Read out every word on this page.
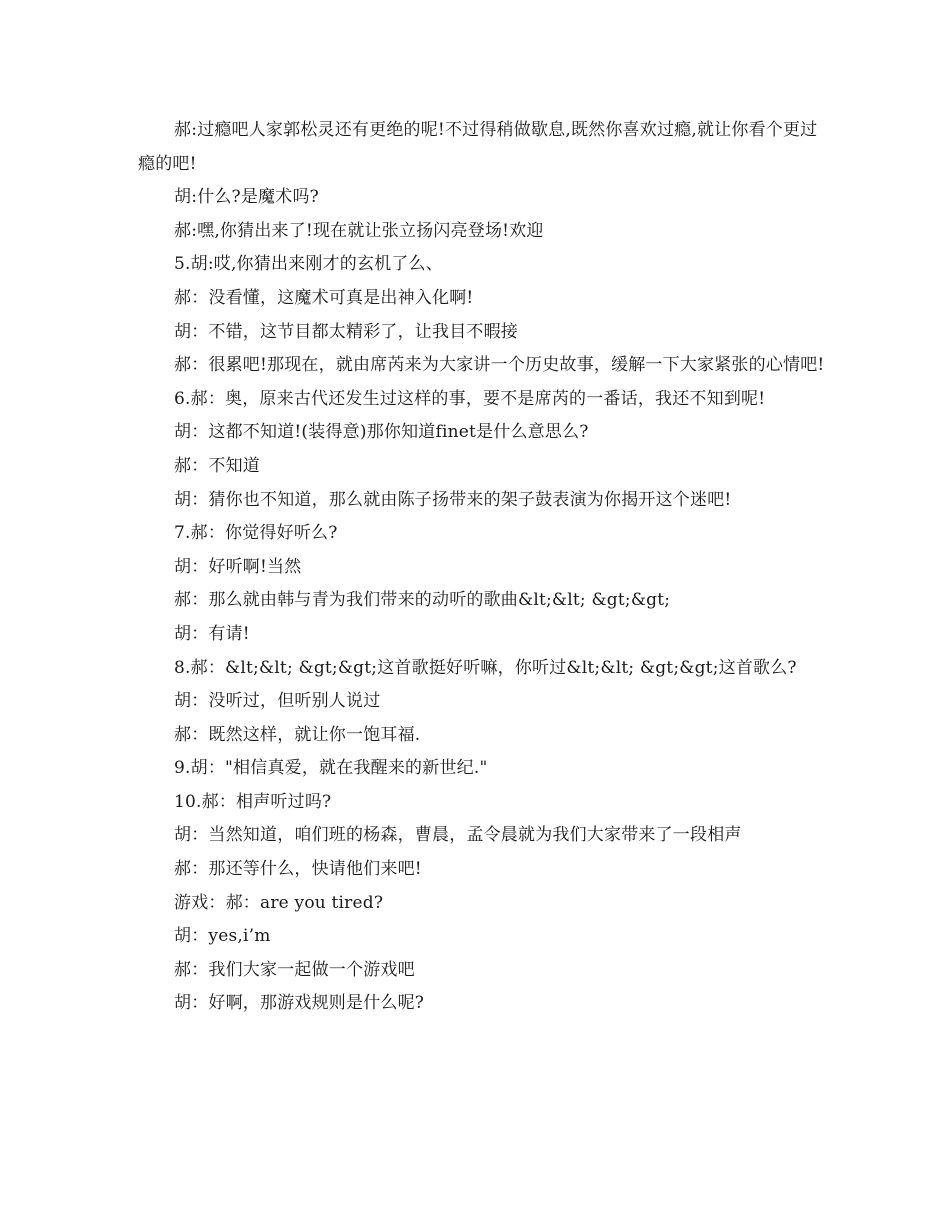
郝:过瘾吧人家郭松灵还有更绝的呢!不过得稍做歇息,既然你喜欢过瘾,就让你看个更过瘾的吧!

胡:什么?是魔术吗?

郝:嘿,你猜出来了!现在就让张立扬闪亮登场!欢迎

5.胡:哎,你猜出来刚才的玄机了么、

郝：没看懂，这魔术可真是出神入化啊!

胡：不错，这节目都太精彩了，让我目不暇接

郝：很累吧!那现在，就由席芮来为大家讲一个历史故事，缓解一下大家紧张的心情吧!

6.郝：奥，原来古代还发生过这样的事，要不是席芮的一番话，我还不知到呢!

胡：这都不知道!(装得意)那你知道finet是什么意思么?

郝：不知道

胡：猜你也不知道，那么就由陈子扬带来的架子鼓表演为你揭开这个迷吧!

7.郝：你觉得好听么?

胡：好听啊!当然

郝：那么就由韩与青为我们带来的动听的歌曲&lt;&lt; &gt;&gt;

胡：有请!

8.郝：&lt;&lt; &gt;&gt;这首歌挺好听嘛，你听过&lt;&lt; &gt;&gt;这首歌么?

胡：没听过，但听别人说过

郝：既然这样，就让你一饱耳福.

9.胡："相信真爱，就在我醒来的新世纪."

10.郝：相声听过吗?

胡：当然知道，咱们班的杨森，曹晨，孟令晨就为我们大家带来了一段相声

郝：那还等什么，快请他们来吧!

游戏：郝：are you tired?

胡：yes,i’m

郝：我们大家一起做一个游戏吧

胡：好啊，那游戏规则是什么呢?
